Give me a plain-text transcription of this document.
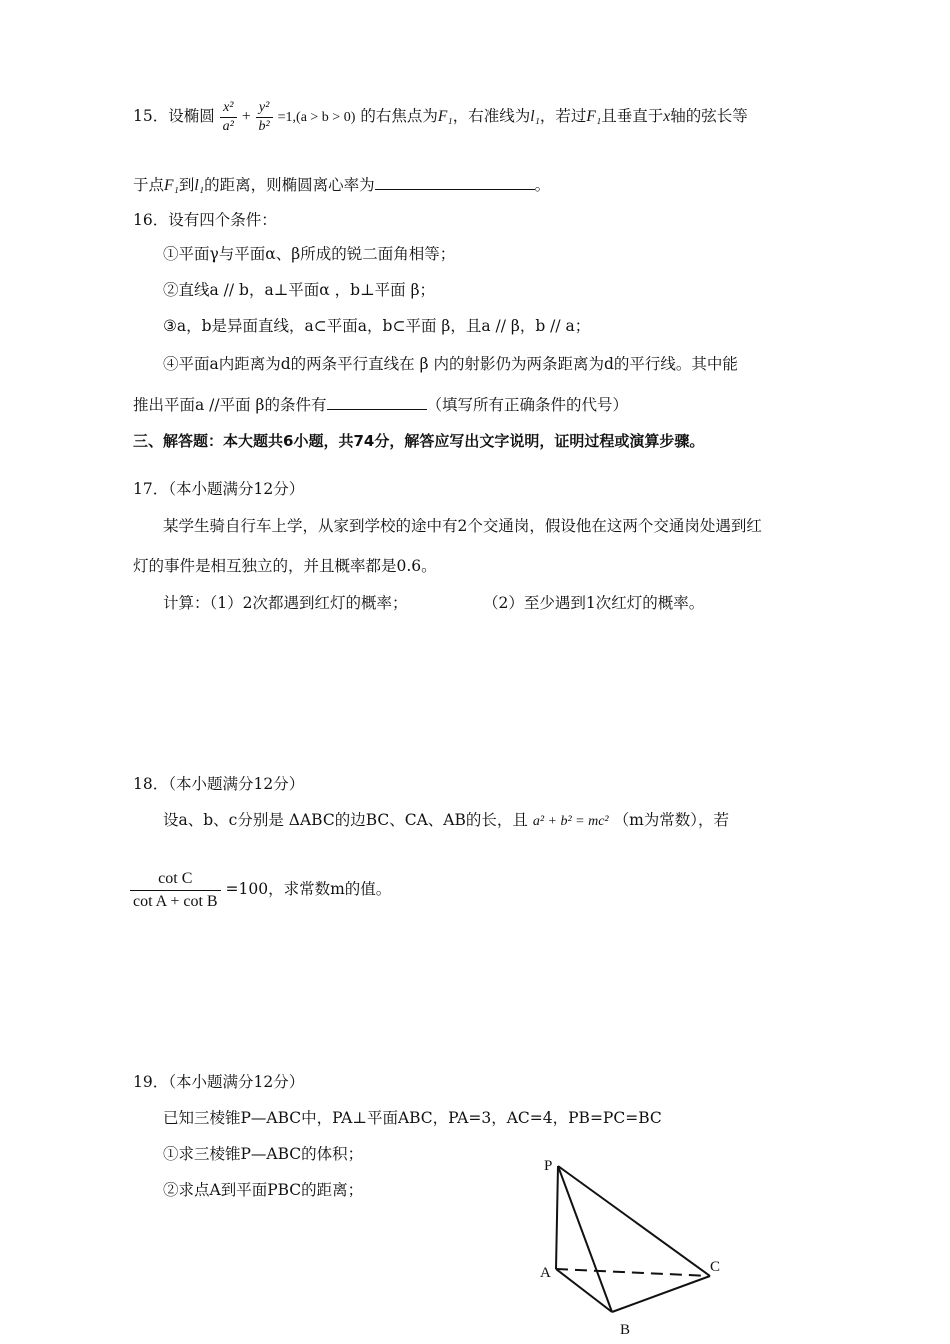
15．设椭圆 $\frac{\text{x²}}{\text{a²}} + \frac{\text{y²}}{\text{b²}} =1,(a > b > 0)$ 的右焦点为F₁，右准线为l₁，若过F₁且垂直于x轴的弦长等
于点F₁到l₁的距离，则椭圆离心率为	。
16．设有四个条件：
①平面γ与平面α、β所成的锐二面角相等；
②直线a // b，a⊥平面α ，b⊥平面 β；
③a，b是异面直线，a⊂平面a，b⊂平面 β，且a // β，b // a；
④平面a内距离为d的两条平行直线在 β 内的射影仍为两条距离为d的平行线。其中能
推出平面a //平面 β的条件有	（填写所有正确条件的代号）
三、解答题：本大题共6小题，共74分，解答应写出文字说明，证明过程或演算步骤。
17．（本小题满分12分）
某学生骑自行车上学，从家到学校的途中有2个交通岗，假设他在这两个交通岗处遇到红
灯的事件是相互独立的，并且概率都是0.6。
计算：（1）2次都遇到红灯的概率；	（2）至少遇到1次红灯的概率。
18．（本小题满分12分）
设a、b、c分别是 ΔABC的边BC、CA、AB的长，且 a² + b² = mc² （m为常数），若
$\frac{\text{cot C}}{\text{cot A + cot B}} =100$，求常数m的值。
19．（本小题满分12分）
已知三棱锥P—ABC中，PA⊥平面ABC，PA=3，AC=4，PB=PC=BC
①求三棱锥P—ABC的体积；
②求点A到平面PBC的距离；
P
A
B
C
